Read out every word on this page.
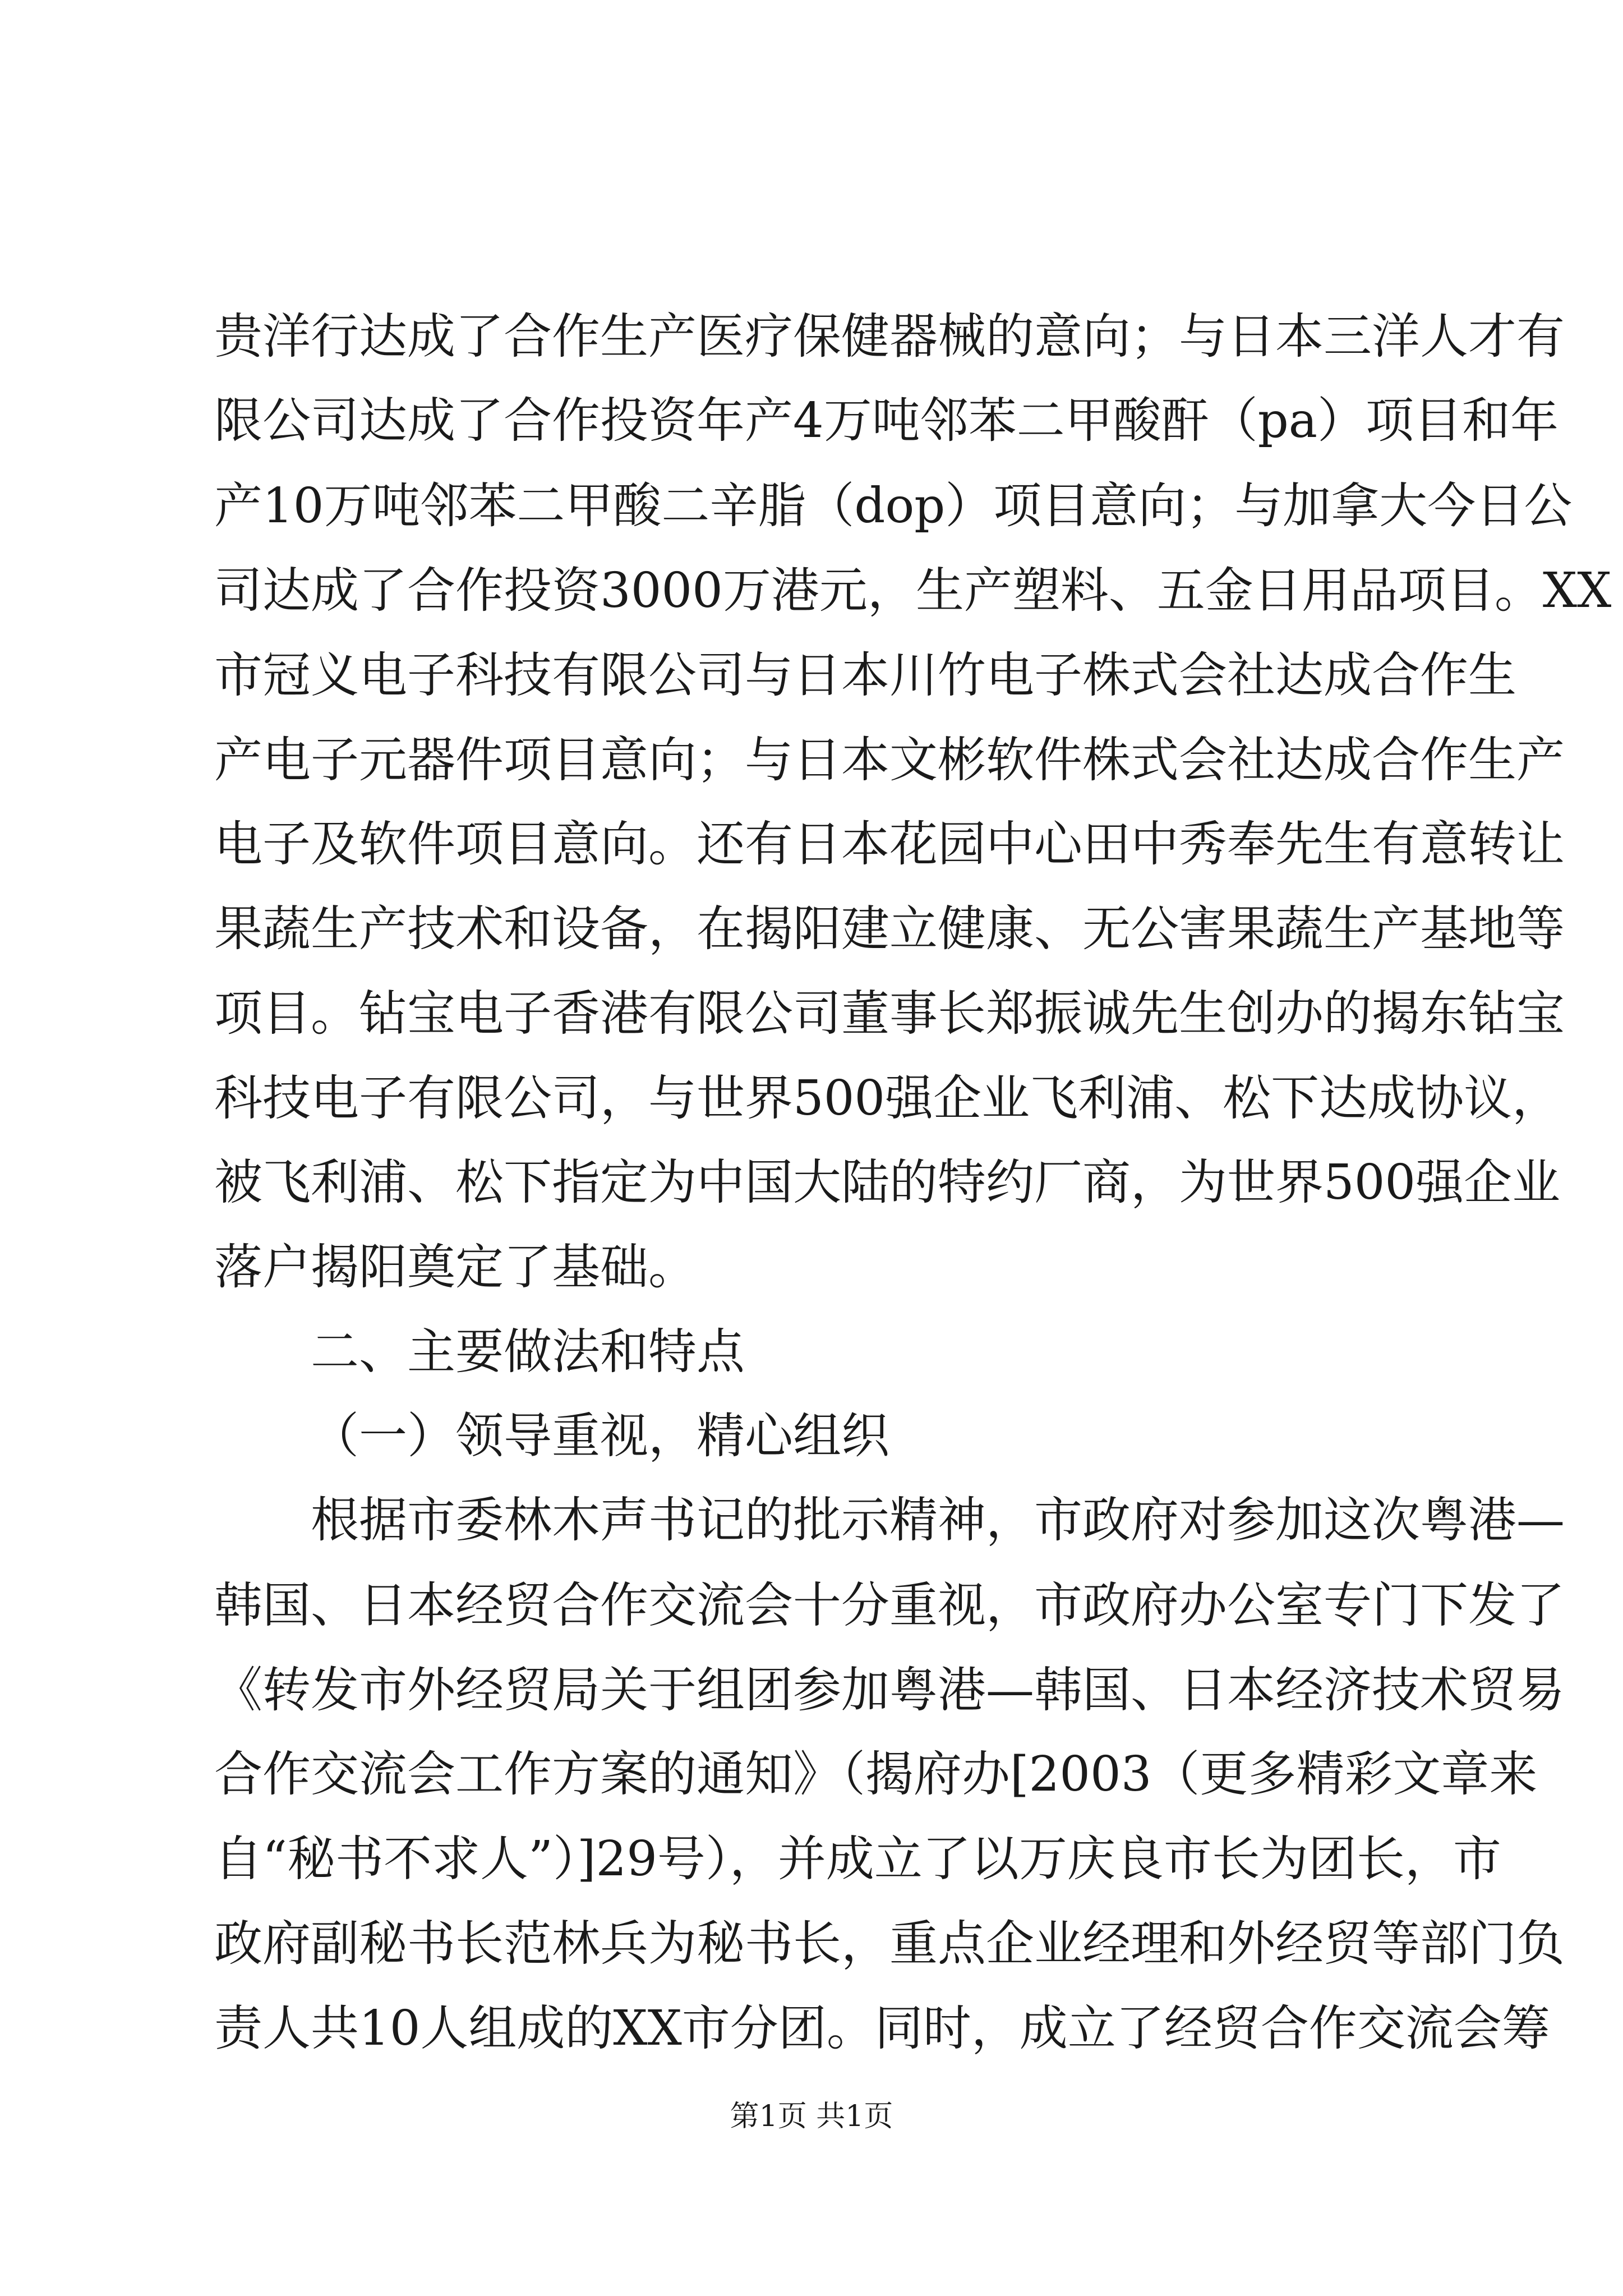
贵洋行达成了合作生产医疗保健器械的意向；与日本三洋人才有
限公司达成了合作投资年产4万吨邻苯二甲酸酐（pa）项目和年
产10万吨邻苯二甲酸二辛脂（dop）项目意向；与加拿大今日公
司达成了合作投资3000万港元，生产塑料、五金日用品项目。XX
市冠义电子科技有限公司与日本川竹电子株式会社达成合作生
产电子元器件项目意向；与日本文彬软件株式会社达成合作生产
电子及软件项目意向。还有日本花园中心田中秀奉先生有意转让
果蔬生产技术和设备，在揭阳建立健康、无公害果蔬生产基地等
项目。钻宝电子香港有限公司董事长郑振诚先生创办的揭东钻宝
科技电子有限公司，与世界500强企业飞利浦、松下达成协议，
被飞利浦、松下指定为中国大陆的特约厂商，为世界500强企业
落户揭阳奠定了基础。
二、主要做法和特点
（一）领导重视，精心组织
根据市委林木声书记的批示精神，市政府对参加这次粤港—
韩国、日本经贸合作交流会十分重视，市政府办公室专门下发了
《转发市外经贸局关于组团参加粤港—韩国、日本经济技术贸易
合作交流会工作方案的通知》（揭府办[2003（更多精彩文章来
自“秘书不求人”）]29号），并成立了以万庆良市长为团长，市
政府副秘书长范林兵为秘书长，重点企业经理和外经贸等部门负
责人共10人组成的XX市分团。同时，成立了经贸合作交流会筹
第1页 共1页
